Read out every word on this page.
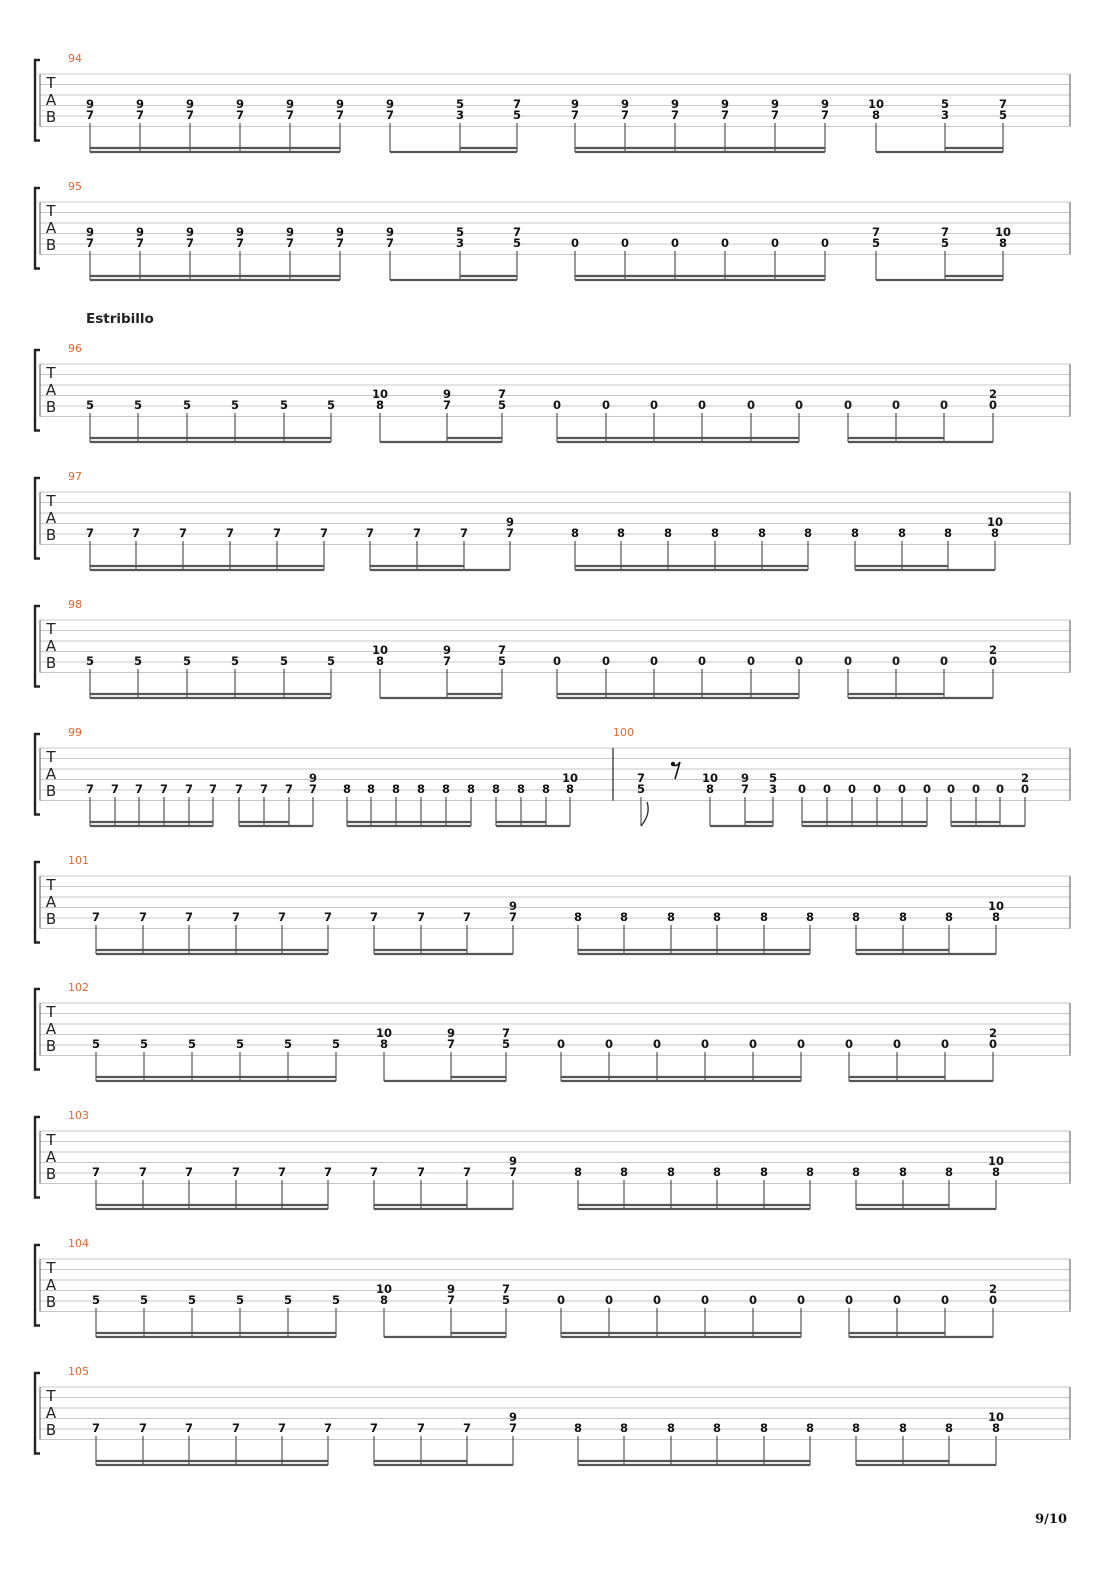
94
T
A
B
9
7
9
7
9
7
9
7
9
7
9
7
9
7
5
3
7
5
9
7
9
7
9
7
9
7
9
7
9
7
10
8
5
3
7
5
95
T
A
B
9
7
9
7
9
7
9
7
9
7
9
7
9
7
5
3
7
5	0	0	0	0	0	0
7
5
7
5
10
8
Estribillo
96
T
A
B	5	5	5	5	5	5
10
8
9
7
7
5	0	0	0	0	0	0	0	0	0
2
0
97
T
A
B	7	7	7	7	7	7	7	7	7
9
7	8	8	8	8	8	8	8	8	8
10
8
98
T
A
B	5	5	5	5	5	5
10
8
9
7
7
5	0	0	0	0	0	0	0	0	0
2
0
99
T
A
B
100
7 7 7 7 7 7 7 7 7
9
7 8 8 8 8 8 8 8 8 8
10
8
7
5
10
8
9
7
5
3 0 0 0 0 0 0 0 0 0
2
0
101
T
A
B	7	7	7	7	7	7	7	7	7
9
7	8	8	8	8	8	8	8	8	8
10
8
102
T
A
B	5	5	5	5	5	5
10
8
9
7
7
5	0	0	0	0	0	0	0	0	0
2
0
103
T
A
B	7	7	7	7	7	7	7	7	7
9
7	8	8	8	8	8	8	8	8	8
10
8
104
T
A
B	5	5	5	5	5	5
10
8
9
7
7
5	0	0	0	0	0	0	0	0	0
2
0
105
T
A
B	7	7	7	7	7	7	7	7	7
9
7	8	8	8	8	8	8	8	8	8
10
8
9/10
